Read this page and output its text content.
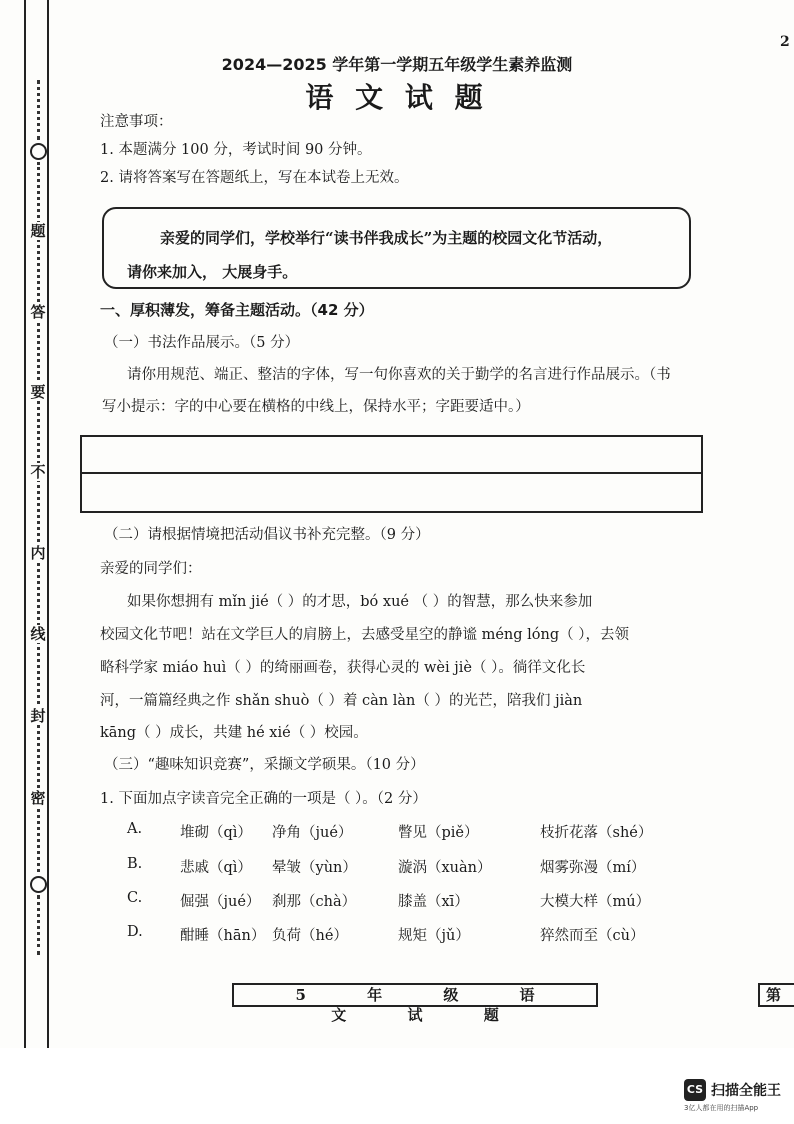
题
答
要
不
内
线
封
密
2
2024—2025 学年第一学期五年级学生素养监测
语 文 试 题
注意事项：
1. 本题满分 100 分，考试时间 90 分钟。
2. 请将答案写在答题纸上，写在本试卷上无效。
亲爱的同学们，学校举行“读书伴我成长”为主题的校园文化节活动，
请你来加入， 大展身手。
一、厚积薄发，筹备主题活动。（42 分）
（一）书法作品展示。（5 分）
请你用规范、端正、整洁的字体，写一句你喜欢的关于勤学的名言进行作品展示。（书
写小提示：字的中心要在横格的中线上，保持水平；字距要适中。）
（二）请根据情境把活动倡议书补充完整。（9 分）
亲爱的同学们：
如果你想拥有 mǐn jié（ ）的才思，bó xué （ ）的智慧，那么快来参加
校园文化节吧！站在文学巨人的肩膀上，去感受星空的静谧 méng lóng（ ），去领
略科学家 miáo huì（ ）的绮丽画卷，获得心灵的 wèi jiè（ ）。徜徉文化长
河，一篇篇经典之作 shǎn shuò（ ）着 càn làn（ ）的光芒，陪我们 jiàn
kāng（ ）成长，共建 hé xié（ ）校园。
（三）“趣味知识竞赛”，采撷文学硕果。（10 分）
1. 下面加点字读音完全正确的一项是（ ）。（2 分）
A.	堆砌（qì） 净角（jué）	瞥见（piě）	枝折花落（shé）
B.	悲戚（qì） 晕皱（yùn）	漩涡（xuàn）	烟雾弥漫（mí）
C.	倔强（jué） 刹那（chà）	膝盖（xī）	大模大样（mú）
D.	酣睡（hān） 负荷（hé）	规矩（jǔ）	猝然而至（cù）
5 年 级 语 文 试 题
第
CS 扫描全能王
3亿人都在用的扫描App
